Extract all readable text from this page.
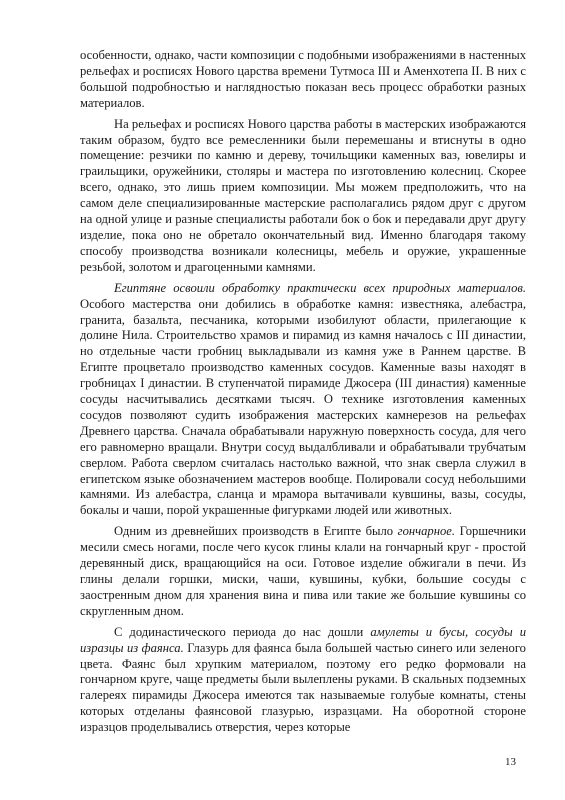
особенности, однако, части композиции с подобными изображениями в настенных рельефах и росписях Нового царства времени Тутмоса III и Аменхотепа II. В них с большой подробностью и наглядностью показан весь процесс обработки разных материалов.

На рельефах и росписях Нового царства работы в мастерских изображаются таким образом, будто все ремесленники были перемешаны и втиснуты в одно помещение: резчики по камню и дереву, точильщики каменных ваз, ювелиры и граильщики, оружейники, столяры и мастера по изготовлению колесниц. Скорее всего, однако, это лишь прием композиции. Мы можем предположить, что на самом деле специализированные мастерские располагались рядом друг с другом на одной улице и разные специалисты работали бок о бок и передавали друг другу изделие, пока оно не обретало окончательный вид. Именно благодаря такому способу производства возникали колесницы, мебель и оружие, украшенные резьбой, золотом и драгоценными камнями.

Египтяне освоили обработку практически всех природных материалов. Особого мастерства они добились в обработке камня: известняка, алебастра, гранита, базальта, песчаника, которыми изобилуют области, прилегающие к долине Нила. Строительство храмов и пирамид из камня началось с III династии, но отдельные части гробниц выкладывали из камня уже в Раннем царстве. В Египте процветало производство каменных сосудов. Каменные вазы находят в гробницах I династии. В ступенчатой пирамиде Джосера (III династия) каменные сосуды насчитывались десятками тысяч. О технике изготовления каменных сосудов позволяют судить изображения мастерских камнерезов на рельефах Древнего царства. Сначала обрабатывали наружную поверхность сосуда, для чего его равномерно вращали. Внутри сосуд выдалбливали и обрабатывали трубчатым сверлом. Работа сверлом считалась настолько важной, что знак сверла служил в египетском языке обозначением мастеров вообще. Полировали сосуд небольшими камнями. Из алебастра, сланца и мрамора вытачивали кувшины, вазы, сосуды, бокалы и чаши, порой украшенные фигурками людей или животных.

Одним из древнейших производств в Египте было гончарное. Горшечники месили смесь ногами, после чего кусок глины клали на гончарный круг - простой деревянный диск, вращающийся на оси. Готовое изделие обжигали в печи. Из глины делали горшки, миски, чаши, кувшины, кубки, большие сосуды с заостренным дном для хранения вина и пива или такие же большие кувшины со скругленным дном.

С додинастического периода до нас дошли амулеты и бусы, сосуды и изразцы из фаянса. Глазурь для фаянса была большей частью синего или зеленого цвета. Фаянс был хрупким материалом, поэтому его редко формовали на гончарном круге, чаще предметы были вылеплены руками. В скальных подземных галереях пирамиды Джосера имеются так называемые голубые комнаты, стены которых отделаны фаянсовой глазурью, изразцами. На оборотной стороне изразцов проделывались отверстия, через которые

13
